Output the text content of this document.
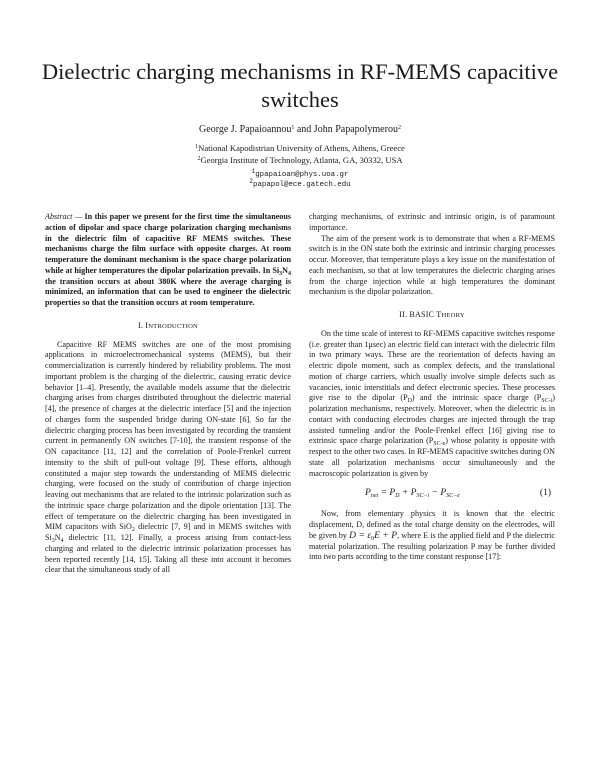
Dielectric charging mechanisms in RF-MEMS capacitive switches
George J. Papaioannou$^1$ and John Papapolymerou$^2$
$^1$National Kapodistrian University of Athens, Athens, Greece
$^2$Georgia Institute of Technology, Atlanta, GA, 30332, USA
$^1$gpapaioan@phys.uoa.gr
$^2$papapol@ece.gatech.edu

Abstract — In this paper we present for the first time the simultaneous action of dipolar and space charge polarization charging mechanisms in the dielectric film of capacitive RF MEMS switches. These mechanisms charge the film surface with opposite charges. At room temperature the dominant mechanism is the space charge polarization while at higher temperatures the dipolar polarization prevails. In $Si_3N_4$ the transition occurs at about 380K where the average charging is minimized, an information that can be used to engineer the dielectric properties so that the transition occurs at room temperature.

I. INTRODUCTION

Capacitive RF MEMS switches are one of the most promising applications in microelectromechanical systems (MEMS), but their commercialization is currently hindered by reliability problems. The most important problem is the charging of the dielectric, causing erratic device behavior [1–4]. Presently, the available models assume that the dielectric charging arises from charges distributed throughout the dielectric material [4], the presence of charges at the dielectric interface [5] and the injection of charges form the suspended bridge during ON-state [6]. So far the dielectric charging process has been investigated by recording the transient current in permanently ON switches [7-10], the transient response of the ON capacitance [11, 12] and the correlation of Poole-Frenkel current intensity to the shift of pull-out voltage [9]. These efforts, although constituted a major step towards the understanding of MEMS dielectric charging, were focused on the study of contribution of charge injection leaving out mechanisms that are related to the intrinsic polarization such as the intrinsic space charge polarization and the dipole orientation [13]. The effect of temperature on the dielectric charging has been investigated in MIM capacitors with SiO$_2$ dielectric [7, 9] and in MEMS switches with $Si_3N_4$ dielectric [11, 12]. Finally, a process arising from contact-less charging and related to the dielectric intrinsic polarization processes has been reported recently [14, 15]. Taking all these into account it becomes clear that the simultaneous study of all

charging mechanisms, of extrinsic and intrinsic origin, is of paramount importance.

The aim of the present work is to demonstrate that when a RF-MEMS switch is in the ON state both the extrinsic and intrinsic charging processes occur. Moreover, that temperature plays a key issue on the manifestation of each mechanism, so that at low temperatures the dielectric charging arises from the charge injection while at high temperatures the dominant mechanism is the dipolar polarization.

II. BASIC THEORY

On the time scale of interest to RF-MEMS capacitive switches response (i.e. greater than 1μsec) an electric field can interact with the dielectric film in two primary ways. These are the reorientation of defects having an electric dipole moment, such as complex defects, and the translational motion of charge carriers, which usually involve simple defects such as vacancies, ionic interstitials and defect electronic species. These processes give rise to the dipolar $(P_D)$ and the intrinsic space charge $(P_{SC-i})$ polarization mechanisms, respectively. Moreover, when the dielectric is in contact with conducting electrodes charges are injected through the trap assisted tunneling and/or the Poole-Frenkel effect [16] giving rise to extrinsic space charge polarization $(P_{SC-e})$ whose polarity is opposite with respect to the other two cases. In RF-MEMS capacitive switches during ON state all polarization mechanisms occur simultaneously and the macroscopic polarization is given by

$P_{net} = P_D + P_{SC-i} - P_{SC-e}$	(1)

Now, from elementary physics it is known that the electric displacement, D, defined as the total charge density on the electrodes, will be given by $D = \varepsilon_0E + P$, where E is the applied field and P the dielectric material polarization. The resulting polarization P may be further divided into two parts according to the time constant response [17]:
